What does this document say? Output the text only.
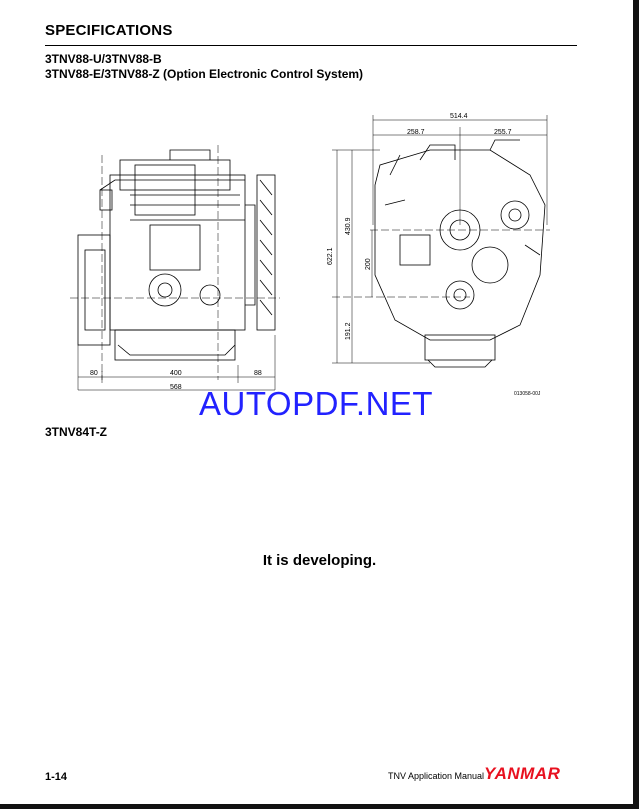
SPECIFICATIONS
3TNV88-U/3TNV88-B
3TNV88-E/3TNV88-Z (Option Electronic Control System)
80	400	88
568
514.4
258.7	255.7
622.1
430.9
200
191.2
013058-00J
AUTOPDF.NET
3TNV84T-Z
It is developing.
1-14	TNV Application Manual YANMAR
